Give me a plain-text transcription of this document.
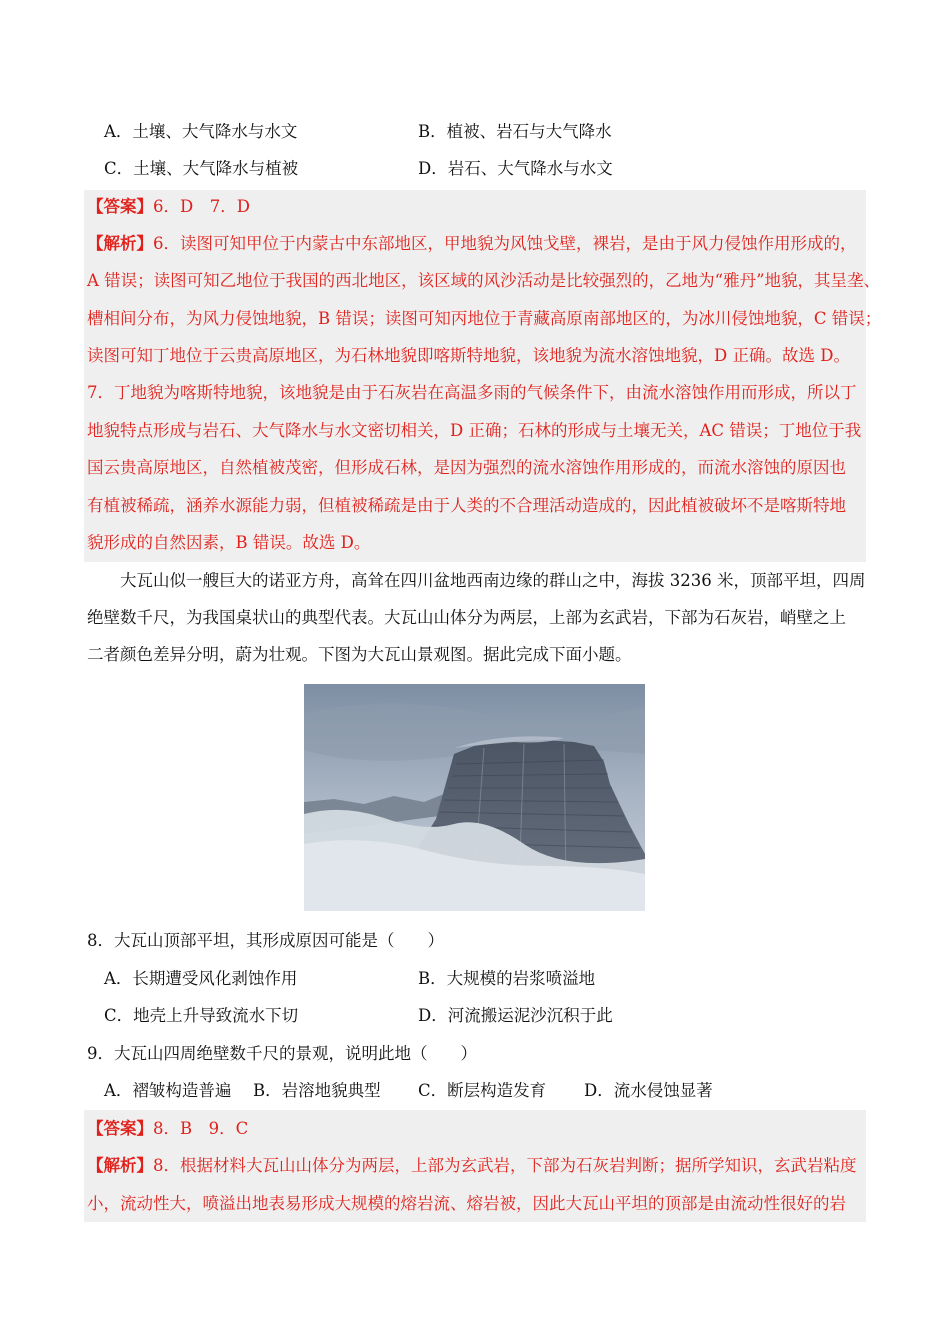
A．土壤、大气降水与水文	B．植被、岩石与大气降水
C．土壤、大气降水与植被	D．岩石、大气降水与水文
【答案】6．D　7．D
【解析】6．读图可知甲位于内蒙古中东部地区，甲地貌为风蚀戈壁，裸岩，是由于风力侵蚀作用形成的，
A 错误；读图可知乙地位于我国的西北地区，该区域的风沙活动是比较强烈的，乙地为“雅丹”地貌，其呈垄、
槽相间分布，为风力侵蚀地貌，B 错误；读图可知丙地位于青藏高原南部地区的，为冰川侵蚀地貌，C 错误；
读图可知丁地位于云贵高原地区，为石林地貌即喀斯特地貌，该地貌为流水溶蚀地貌，D 正确。故选 D。
7．丁地貌为喀斯特地貌，该地貌是由于石灰岩在高温多雨的气候条件下，由流水溶蚀作用而形成，所以丁
地貌特点形成与岩石、大气降水与水文密切相关，D 正确；石林的形成与土壤无关，AC 错误；丁地位于我
国云贵高原地区，自然植被茂密，但形成石林，是因为强烈的流水溶蚀作用形成的，而流水溶蚀的原因也
有植被稀疏，涵养水源能力弱，但植被稀疏是由于人类的不合理活动造成的，因此植被破坏不是喀斯特地
貌形成的自然因素，B 错误。故选 D。
大瓦山似一艘巨大的诺亚方舟，高耸在四川盆地西南边缘的群山之中，海拔 3236 米，顶部平坦，四周
绝壁数千尺，为我国桌状山的典型代表。大瓦山山体分为两层，上部为玄武岩，下部为石灰岩，峭壁之上
二者颜色差异分明，蔚为壮观。下图为大瓦山景观图。据此完成下面小题。
8．大瓦山顶部平坦，其形成原因可能是（　　）
A．长期遭受风化剥蚀作用	B．大规模的岩浆喷溢地
C．地壳上升导致流水下切	D．河流搬运泥沙沉积于此
9．大瓦山四周绝壁数千尺的景观，说明此地（　　）
A．褶皱构造普遍 B．岩溶地貌典型 C．断层构造发育 D．流水侵蚀显著
【答案】8．B　9．C
【解析】8．根据材料大瓦山山体分为两层，上部为玄武岩，下部为石灰岩判断；据所学知识，玄武岩粘度
小，流动性大，喷溢出地表易形成大规模的熔岩流、熔岩被，因此大瓦山平坦的顶部是由流动性很好的岩
